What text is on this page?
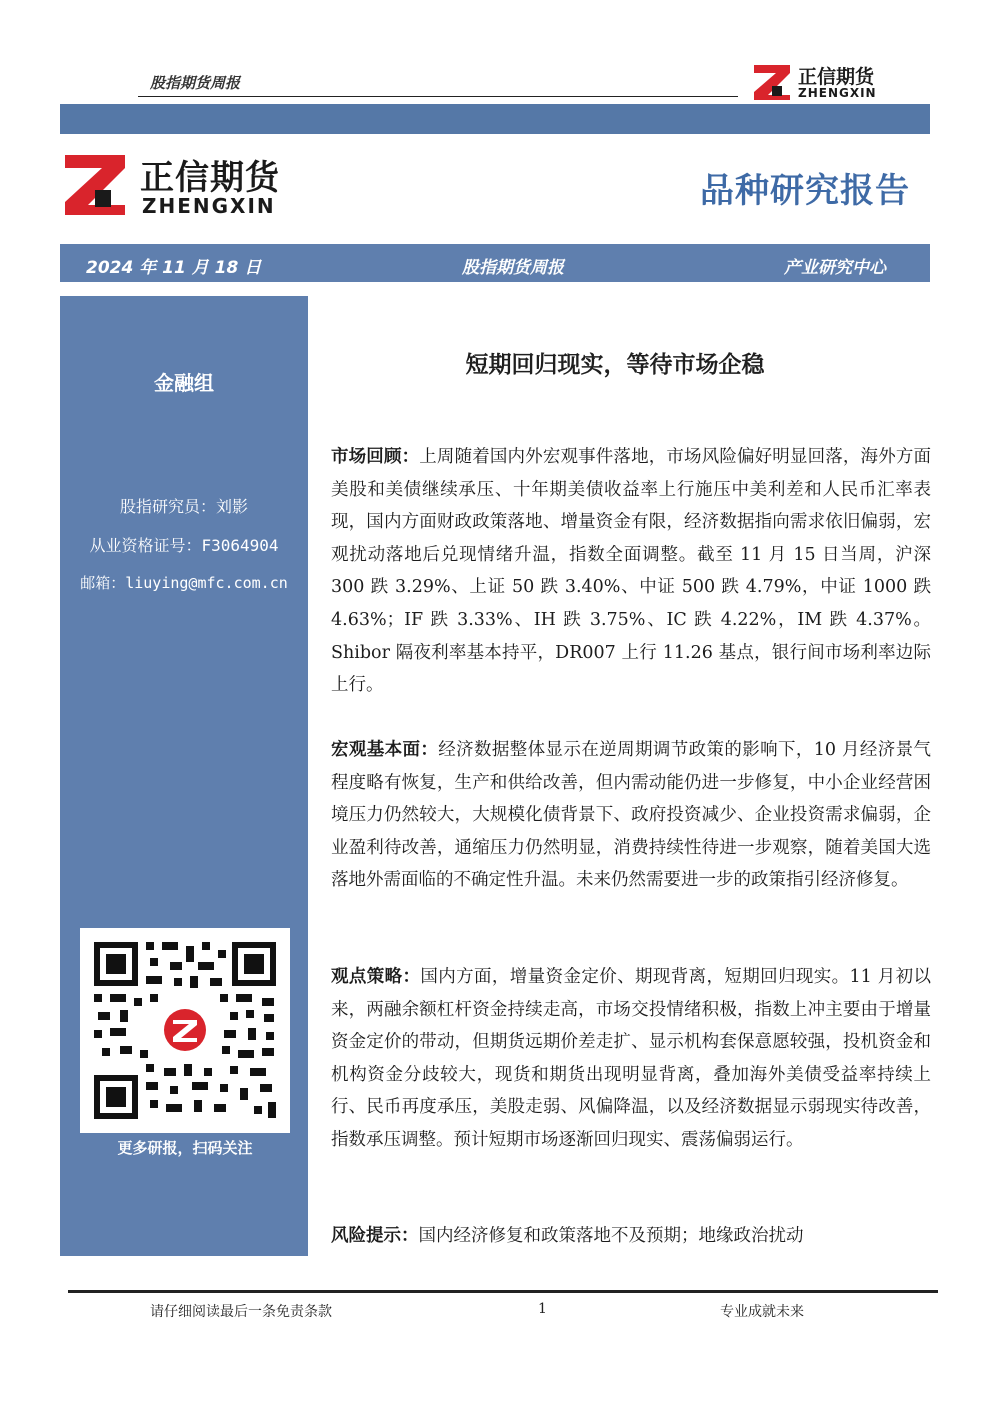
股指期货周报	正信期货
ZHENGXIN
正信期货
ZHENGXIN	品种研究报告
2024 年 11 月 18 日	股指期货周报	产业研究中心
金融组
股指研究员：刘影
从业资格证号：F3064904
邮箱：liuying@mfc.com.cn
更多研报，扫码关注
短期回归现实，等待市场企稳
市场回顾：上周随着国内外宏观事件落地，市场风险偏好明显回落，海外方面美股和美债继续承压、十年期美债收益率上行施压中美利差和人民币汇率表现，国内方面财政政策落地、增量资金有限，经济数据指向需求依旧偏弱，宏观扰动落地后兑现情绪升温，指数全面调整。截至 11 月 15 日当周，沪深 300 跌 3.29%、上证 50 跌 3.40%、中证 500 跌 4.79%，中证 1000 跌 4.63%；IF 跌 3.33%、IH 跌 3.75%、IC 跌 4.22%，IM 跌 4.37%。Shibor 隔夜利率基本持平，DR007 上行 11.26 基点，银行间市场利率边际上行。
宏观基本面：经济数据整体显示在逆周期调节政策的影响下，10 月经济景气程度略有恢复，生产和供给改善，但内需动能仍进一步修复，中小企业经营困境压力仍然较大，大规模化债背景下、政府投资减少、企业投资需求偏弱，企业盈利待改善，通缩压力仍然明显，消费持续性待进一步观察，随着美国大选落地外需面临的不确定性升温。未来仍然需要进一步的政策指引经济修复。
观点策略：国内方面，增量资金定价、期现背离，短期回归现实。11 月初以来，两融余额杠杆资金持续走高，市场交投情绪积极，指数上冲主要由于增量资金定价的带动，但期货远期价差走扩、显示机构套保意愿较强，投机资金和机构资金分歧较大，现货和期货出现明显背离，叠加海外美债受益率持续上行、民币再度承压，美股走弱、风偏降温，以及经济数据显示弱现实待改善，指数承压调整。预计短期市场逐渐回归现实、震荡偏弱运行。
风险提示：国内经济修复和政策落地不及预期；地缘政治扰动
请仔细阅读最后一条免责条款	1	专业成就未来
